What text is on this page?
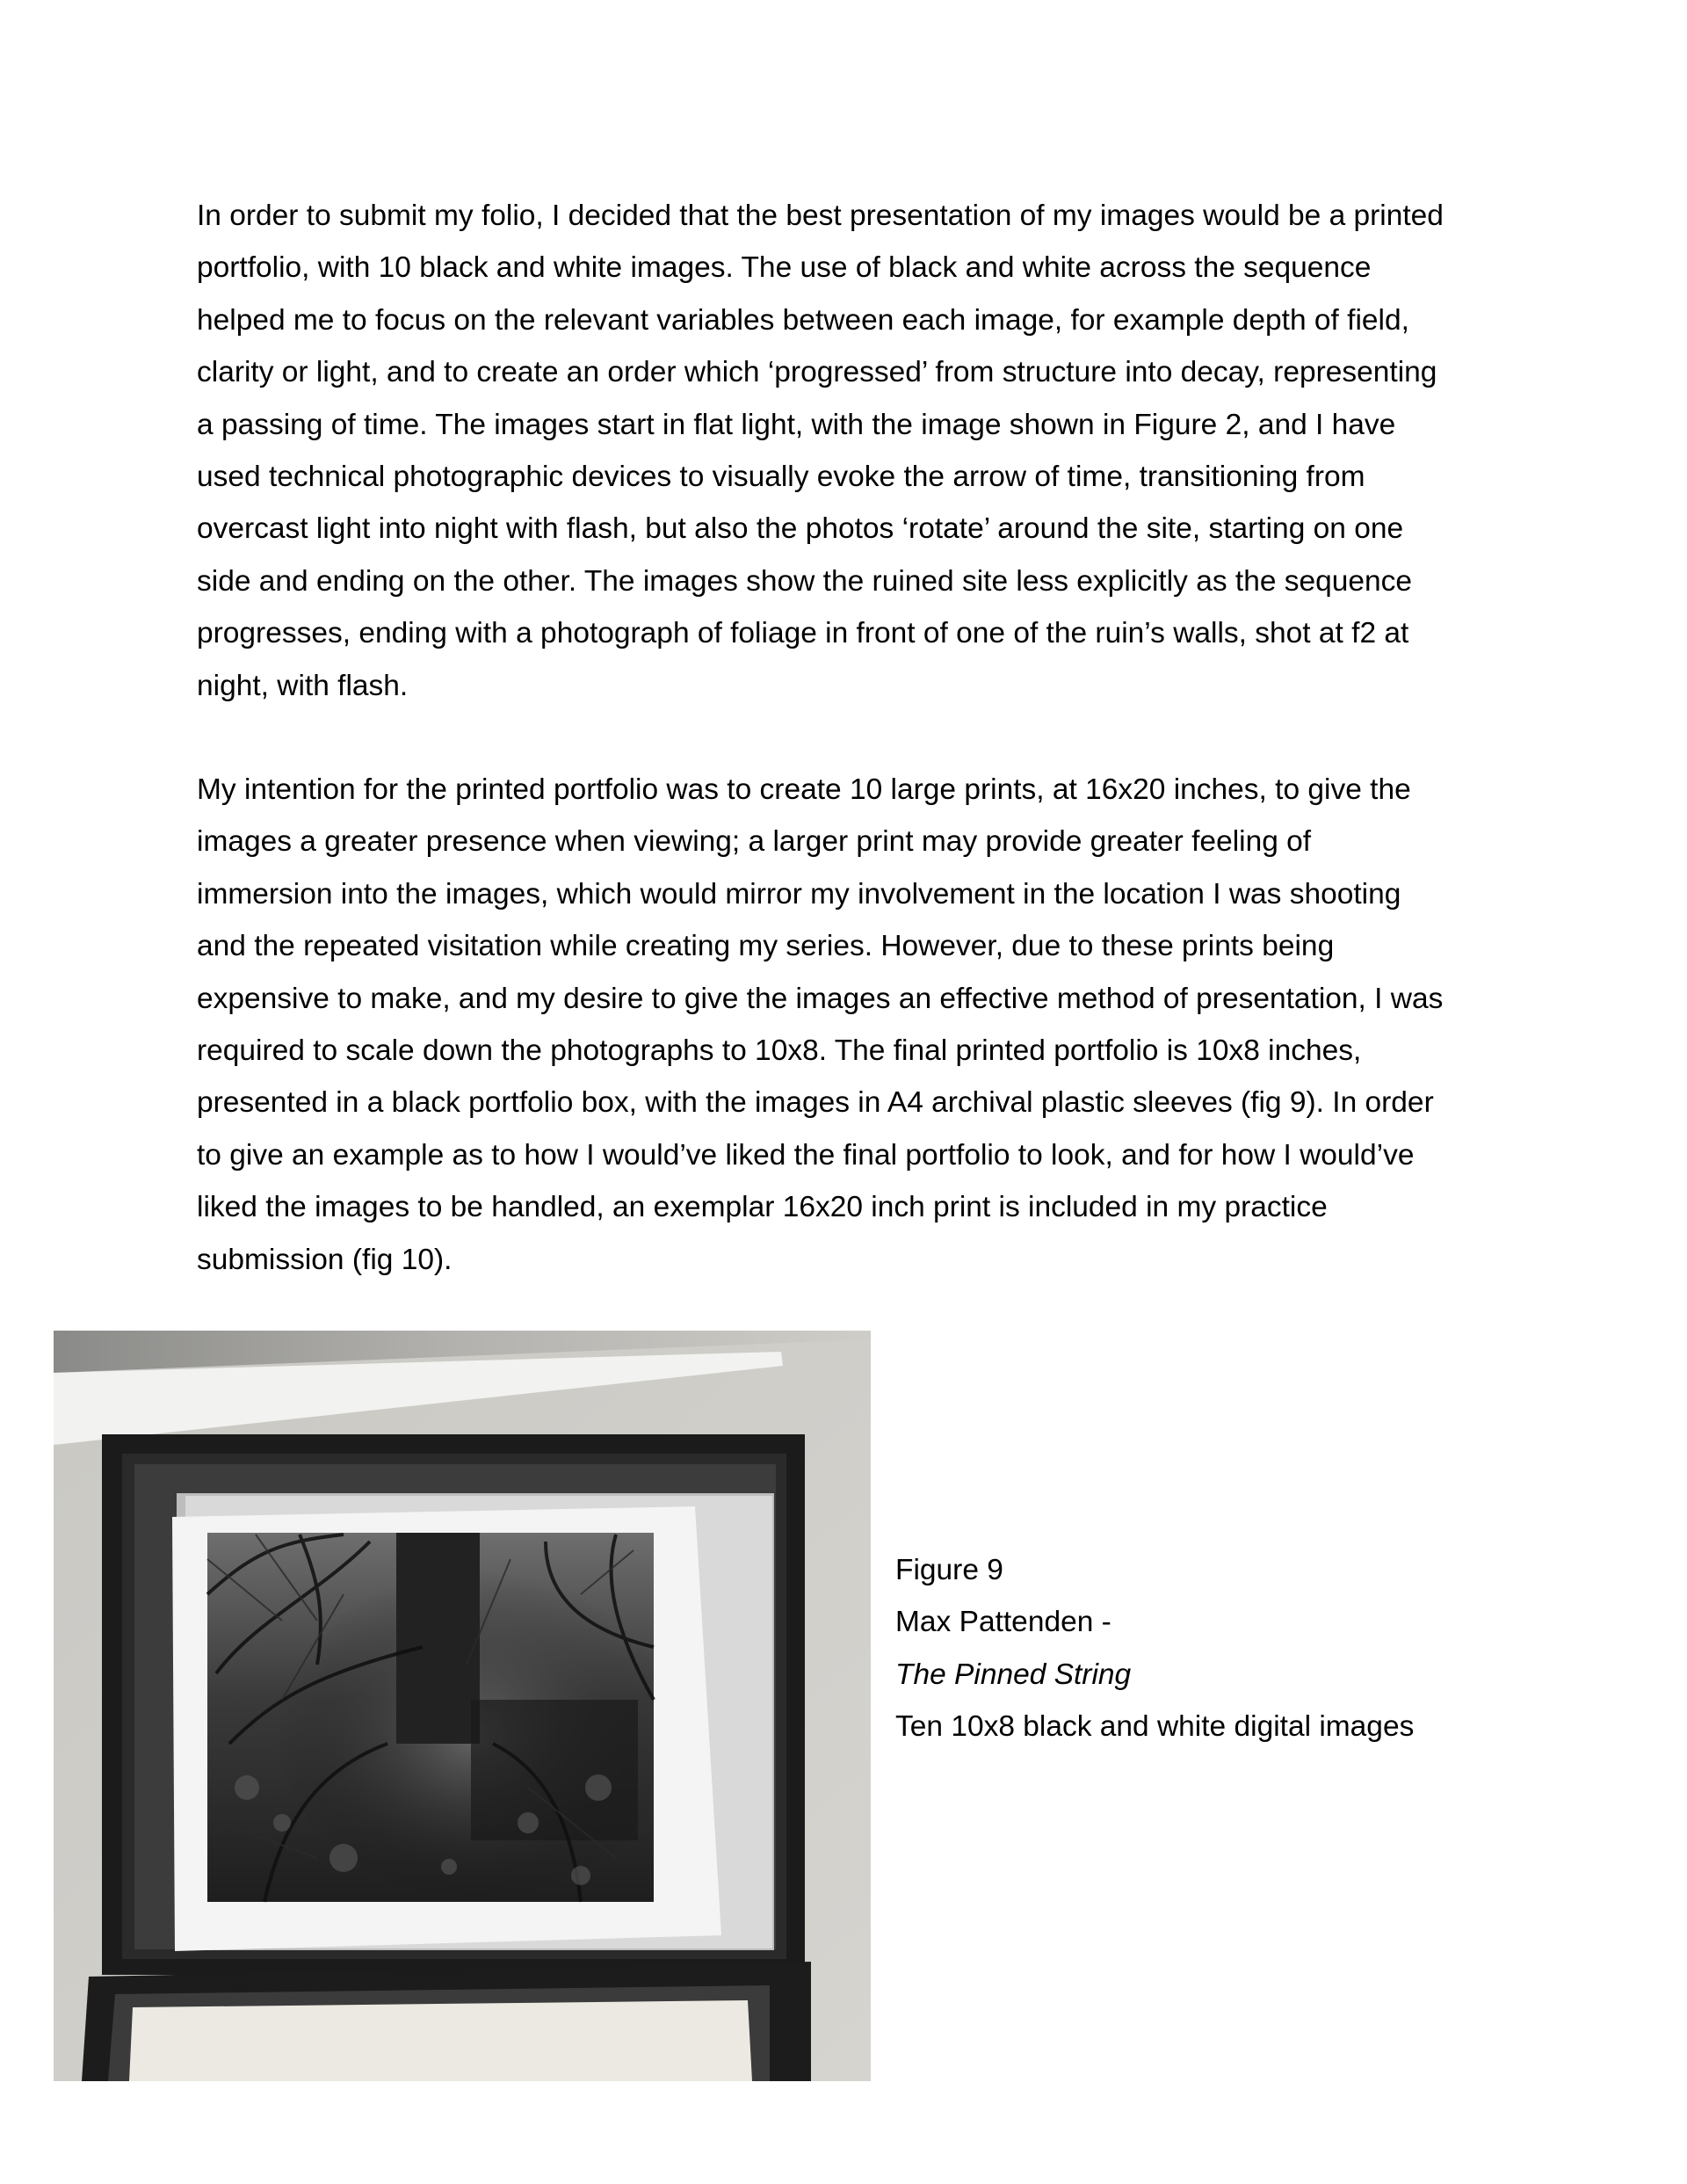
In order to submit my folio, I decided that the best presentation of my images would be a printed
portfolio, with 10 black and white images. The use of black and white across the sequence
helped me to focus on the relevant variables between each image, for example depth of field,
clarity or light, and to create an order which ‘progressed’ from structure into decay, representing
a passing of time. The images start in flat light, with the image shown in Figure 2, and I have
used technical photographic devices to visually evoke the arrow of time, transitioning from
overcast light into night with flash, but also the photos ‘rotate’ around the site, starting on one
side and ending on the other. The images show the ruined site less explicitly as the sequence
progresses, ending with a photograph of foliage in front of one of the ruin’s walls, shot at f2 at
night, with flash.

My intention for the printed portfolio was to create 10 large prints, at 16x20 inches, to give the
images a greater presence when viewing; a larger print may provide greater feeling of
immersion into the images, which would mirror my involvement in the location I was shooting
and the repeated visitation while creating my series. However, due to these prints being
expensive to make, and my desire to give the images an effective method of presentation, I was
required to scale down the photographs to 10x8. The final printed portfolio is 10x8 inches,
presented in a black portfolio box, with the images in A4 archival plastic sleeves (fig 9). In order
to give an example as to how I would’ve liked the final portfolio to look, and for how I would’ve
liked the images to be handled, an exemplar 16x20 inch print is included in my practice
submission (fig 10).

Figure 9
Max Pattenden -
The Pinned String
Ten 10x8 black and white digital images
